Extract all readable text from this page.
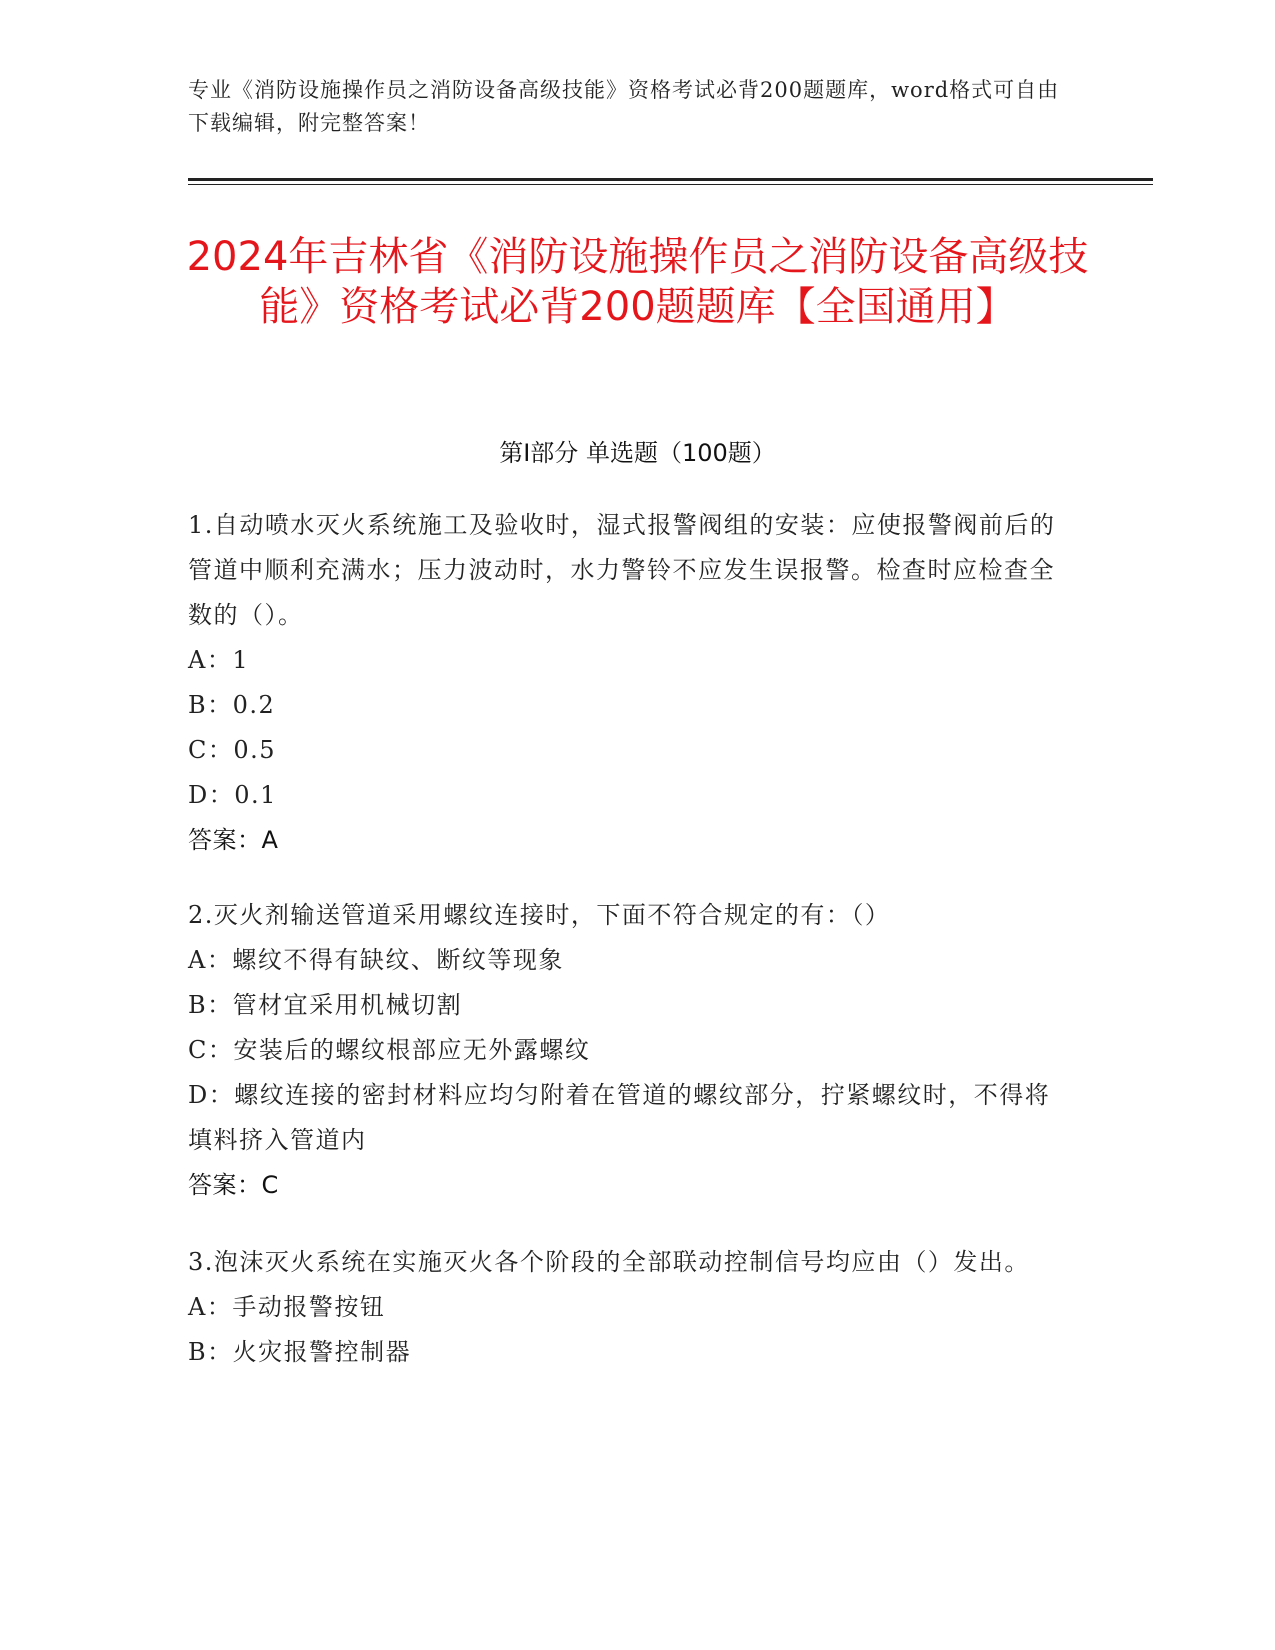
专业《消防设施操作员之消防设备高级技能》资格考试必背200题题库，word格式可自由下载编辑，附完整答案！
2024年吉林省《消防设施操作员之消防设备高级技能》资格考试必背200题题库【全国通用】
第I部分 单选题（100题）

1.自动喷水灭火系统施工及验收时，湿式报警阀组的安装：应使报警阀前后的管道中顺利充满水；压力波动时，水力警铃不应发生误报警。检查时应检查全数的（）。

A：1

B：0.2

C：0.5

D：0.1

答案：A

2.灭火剂输送管道采用螺纹连接时，下面不符合规定的有：（）

A：螺纹不得有缺纹、断纹等现象

B：管材宜采用机械切割

C：安装后的螺纹根部应无外露螺纹

D：螺纹连接的密封材料应均匀附着在管道的螺纹部分，拧紧螺纹时，不得将填料挤入管道内

答案：C

3.泡沫灭火系统在实施灭火各个阶段的全部联动控制信号均应由（）发出。

A：手动报警按钮

B：火灾报警控制器
